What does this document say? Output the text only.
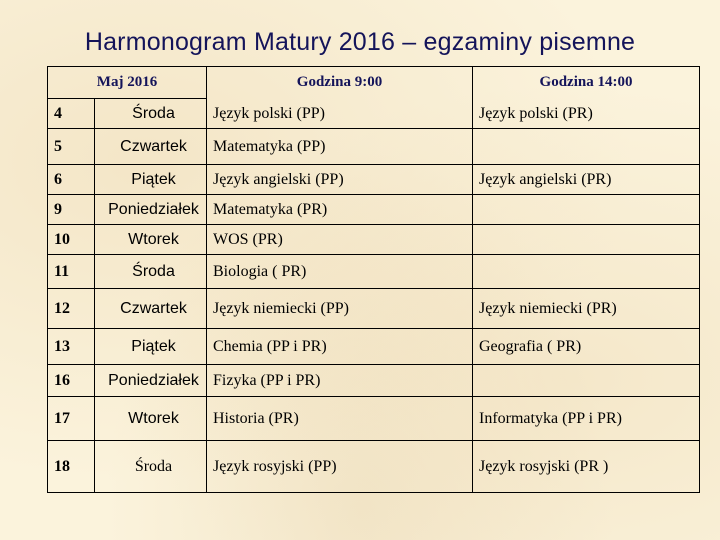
Harmonogram Matury 2016 – egzaminy pisemne
Maj 2016		Godzina 9:00	Godzina 14:00
4	Środa	Język polski (PP)	Język polski (PR)
5	Czwartek	Matematyka (PP)	
6	Piątek	Język angielski (PP)	Język angielski (PR)
9	Poniedziałek	Matematyka (PR)	
10	Wtorek	WOS (PR)	
11	Środa	Biologia ( PR)	
12	Czwartek	Język niemiecki (PP)	Język niemiecki (PR)
13	Piątek	Chemia (PP i PR)	Geografia ( PR)
16	Poniedziałek	Fizyka (PP i PR)	
17	Wtorek	Historia (PR)	Informatyka (PP i PR)
18	Środa	Język rosyjski (PP)	Język rosyjski (PR )
